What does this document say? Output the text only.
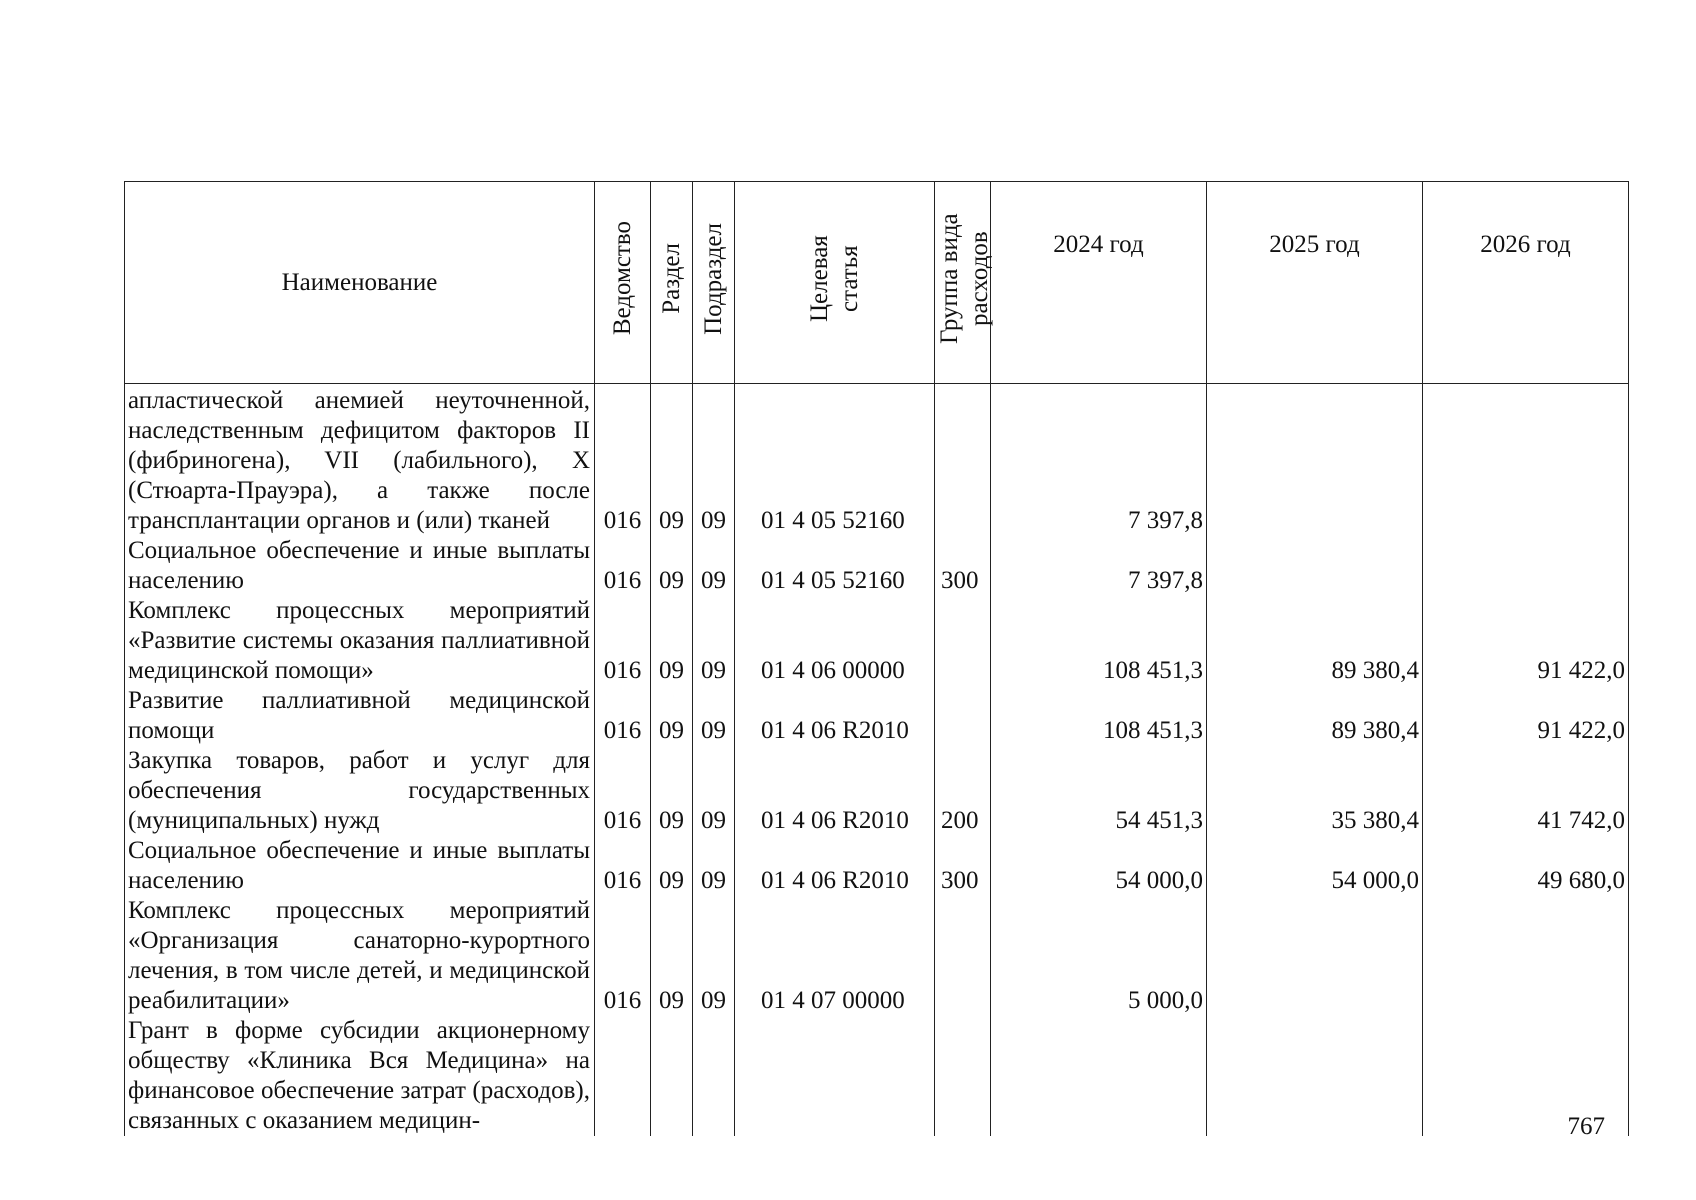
Наименование	Ведомство	Раздел	Подраздел	Целевая статья	Группа вида расходов	2024 год	2025 год	2026 год
апластической анемией неуточненной, наследственным дефицитом факторов II (фибриногена), VII (лабильного), X (Стюарта-Прауэра), а также после трансплантации органов и (или) тканей	016	09	09	01 4 05 52160		7 397,8		
Социальное обеспечение и иные выплаты населению	016	09	09	01 4 05 52160	300	7 397,8		
Комплекс процессных мероприятий «Развитие системы оказания паллиативной медицинской помощи»	016	09	09	01 4 06 00000		108 451,3	89 380,4	91 422,0
Развитие паллиативной медицинской помощи	016	09	09	01 4 06 R2010		108 451,3	89 380,4	91 422,0
Закупка товаров, работ и услуг для обеспечения государственных (муниципальных) нужд	016	09	09	01 4 06 R2010	200	54 451,3	35 380,4	41 742,0
Социальное обеспечение и иные выплаты населению	016	09	09	01 4 06 R2010	300	54 000,0	54 000,0	49 680,0
Комплекс процессных мероприятий «Организация санаторно-курортного лечения, в том числе детей, и медицинской реабилитации»	016	09	09	01 4 07 00000		5 000,0		
Грант в форме субсидии акционерному обществу «Клиника Вся Медицина» на финансовое обеспечение затрат (расходов), связанных с оказанием медицин-									767
